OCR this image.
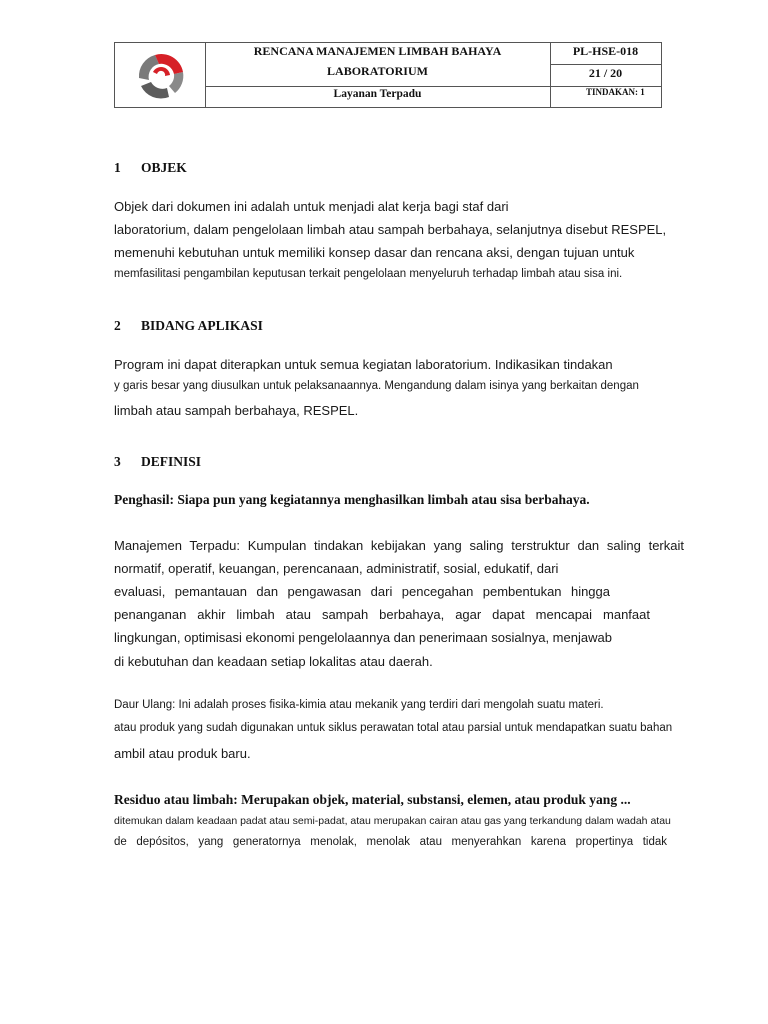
RENCANA MANAJEMEN LIMBAH BAHAYA
LABORATORIUM
Layanan Terpadu
PL-HSE-018
21 / 20
TINDAKAN: 1
1 OBJEK
Objek dari dokumen ini adalah untuk menjadi alat kerja bagi staf dari
laboratorium, dalam pengelolaan limbah atau sampah berbahaya, selanjutnya disebut RESPEL,
memenuhi kebutuhan untuk memiliki konsep dasar dan rencana aksi, dengan tujuan untuk
memfasilitasi pengambilan keputusan terkait pengelolaan menyeluruh terhadap limbah atau sisa ini.
2 BIDANG APLIKASI
Program ini dapat diterapkan untuk semua kegiatan laboratorium. Indikasikan tindakan
y garis besar yang diusulkan untuk pelaksanaannya. Mengandung dalam isinya yang berkaitan dengan
limbah atau sampah berbahaya, RESPEL.
3 DEFINISI
Penghasil: Siapa pun yang kegiatannya menghasilkan limbah atau sisa berbahaya.
Manajemen Terpadu: Kumpulan tindakan kebijakan yang saling terstruktur dan saling terkait
normatif, operatif, keuangan, perencanaan, administratif, sosial, edukatif, dari
evaluasi, pemantauan dan pengawasan dari pencegahan pembentukan hingga
penanganan akhir limbah atau sampah berbahaya, agar dapat mencapai manfaat
lingkungan, optimisasi ekonomi pengelolaannya dan penerimaan sosialnya, menjawab
di kebutuhan dan keadaan setiap lokalitas atau daerah.
Daur Ulang: Ini adalah proses fisika-kimia atau mekanik yang terdiri dari mengolah suatu materi.
atau produk yang sudah digunakan untuk siklus perawatan total atau parsial untuk mendapatkan suatu bahan
ambil atau produk baru.
Residuo atau limbah: Merupakan objek, material, substansi, elemen, atau produk yang ...
ditemukan dalam keadaan padat atau semi-padat, atau merupakan cairan atau gas yang terkandung dalam wadah atau
de depósitos, yang generatornya menolak, menolak atau menyerahkan karena propertinya tidak
